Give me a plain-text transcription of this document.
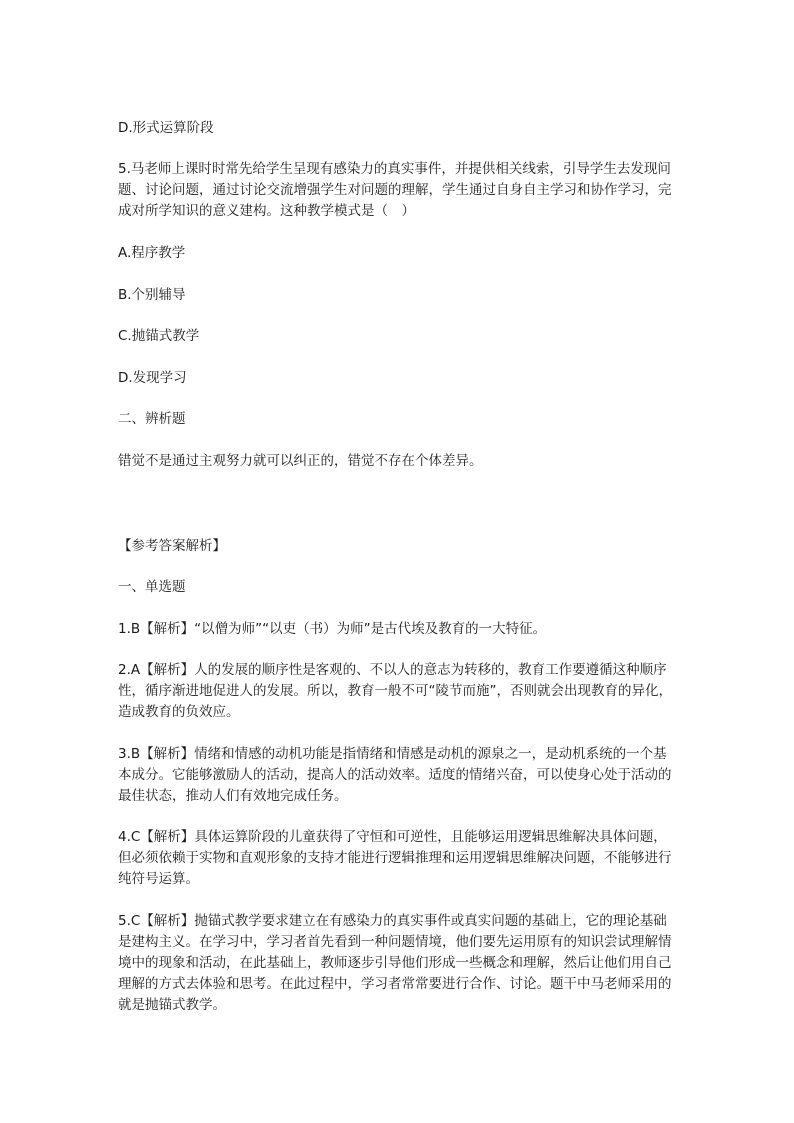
D.形式运算阶段

5.马老师上课时时常先给学生呈现有感染力的真实事件，并提供相关线索，引导学生去发现问题、讨论问题，通过讨论交流增强学生对问题的理解，学生通过自身自主学习和协作学习，完成对所学知识的意义建构。这种教学模式是（　）

A.程序教学

B.个别辅导

C.抛锚式教学

D.发现学习

二、辨析题

错觉不是通过主观努力就可以纠正的，错觉不存在个体差异。

【参考答案解析】

一、单选题

1.B【解析】“以僧为师”“以吏（书）为师”是古代埃及教育的一大特征。

2.A【解析】人的发展的顺序性是客观的、不以人的意志为转移的，教育工作要遵循这种顺序性，循序渐进地促进人的发展。所以，教育一般不可“陵节而施”，否则就会出现教育的异化，造成教育的负效应。

3.B【解析】情绪和情感的动机功能是指情绪和情感是动机的源泉之一，是动机系统的一个基本成分。它能够激励人的活动，提高人的活动效率。适度的情绪兴奋，可以使身心处于活动的最佳状态，推动人们有效地完成任务。

4.C【解析】具体运算阶段的儿童获得了守恒和可逆性，且能够运用逻辑思维解决具体问题，但必须依赖于实物和直观形象的支持才能进行逻辑推理和运用逻辑思维解决问题，不能够进行纯符号运算。

5.C【解析】抛锚式教学要求建立在有感染力的真实事件或真实问题的基础上，它的理论基础是建构主义。在学习中，学习者首先看到一种问题情境，他们要先运用原有的知识尝试理解情境中的现象和活动，在此基础上，教师逐步引导他们形成一些概念和理解，然后让他们用自己理解的方式去体验和思考。在此过程中，学习者常常要进行合作、讨论。题干中马老师采用的就是抛锚式教学。
